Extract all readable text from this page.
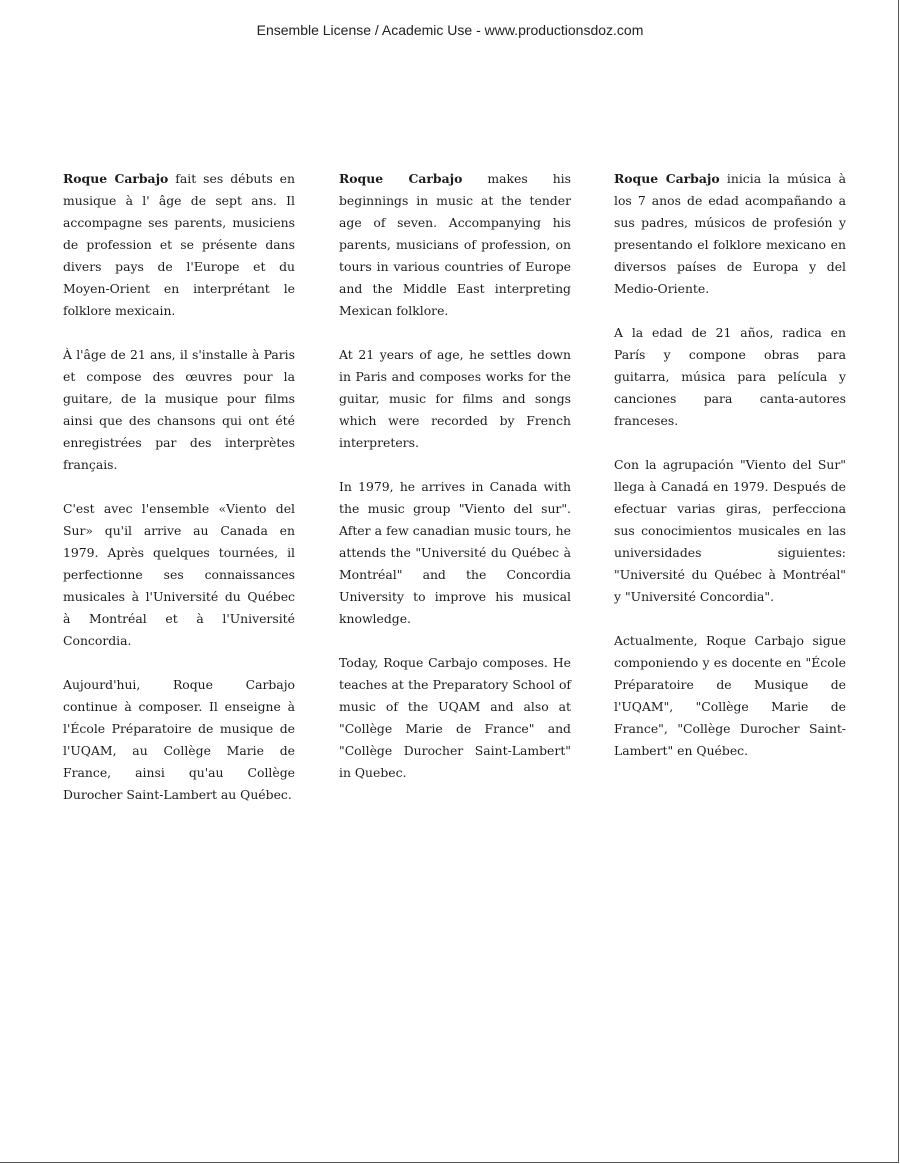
Ensemble License / Academic Use - www.productionsdoz.com

Roque Carbajo fait ses débuts en musique à l' âge de sept ans. Il accompagne ses parents, musiciens de profession et se présente dans divers pays de l'Europe et du Moyen-Orient en interprétant le folklore mexicain.

À l'âge de 21 ans, il s'installe à Paris et compose des œuvres pour la guitare, de la musique pour films ainsi que des chansons qui ont été enregistrées par des interprètes français.

C'est avec l'ensemble «Viento del Sur» qu'il arrive au Canada en 1979. Après quelques tournées, il perfectionne ses connaissances musicales à l'Université du Québec à Montréal et à l'Université Concordia.

Aujourd'hui, Roque Carbajo continue à composer. Il enseigne à l'École Préparatoire de musique de l'UQAM, au Collège Marie de France, ainsi qu'au Collège Durocher Saint-Lambert au Québec.

Roque Carbajo makes his beginnings in music at the tender age of seven. Accompanying his parents, musicians of profession, on tours in various countries of Europe and the Middle East interpreting Mexican folklore.

At 21 years of age, he settles down in Paris and composes works for the guitar, music for films and songs which were recorded by French interpreters.

In 1979, he arrives in Canada with the music group "Viento del sur". After a few canadian music tours, he attends the "Université du Québec à Montréal" and the Concordia University to improve his musical knowledge.

Today, Roque Carbajo composes. He teaches at the Preparatory School of music of the UQAM and also at "Collège Marie de France" and "Collège Durocher Saint-Lambert" in Quebec.

Roque Carbajo inicia la música à los 7 anos de edad acompañando a sus padres, músicos de profesión y presentando el folklore mexicano en diversos países de Europa y del Medio-Oriente.

A la edad de 21 años, radica en París y compone obras para guitarra, música para película y canciones para canta-autores franceses.

Con la agrupación "Viento del Sur" llega à Canadá en 1979. Después de efectuar varias giras, perfecciona sus conocimientos musicales en las universidades siguientes: "Université du Québec à Montréal" y "Université Concordia".

Actualmente, Roque Carbajo sigue componiendo y es docente en "École Préparatoire de Musique de l'UQAM", "Collège Marie de France", "Collège Durocher Saint-Lambert" en Québec.
